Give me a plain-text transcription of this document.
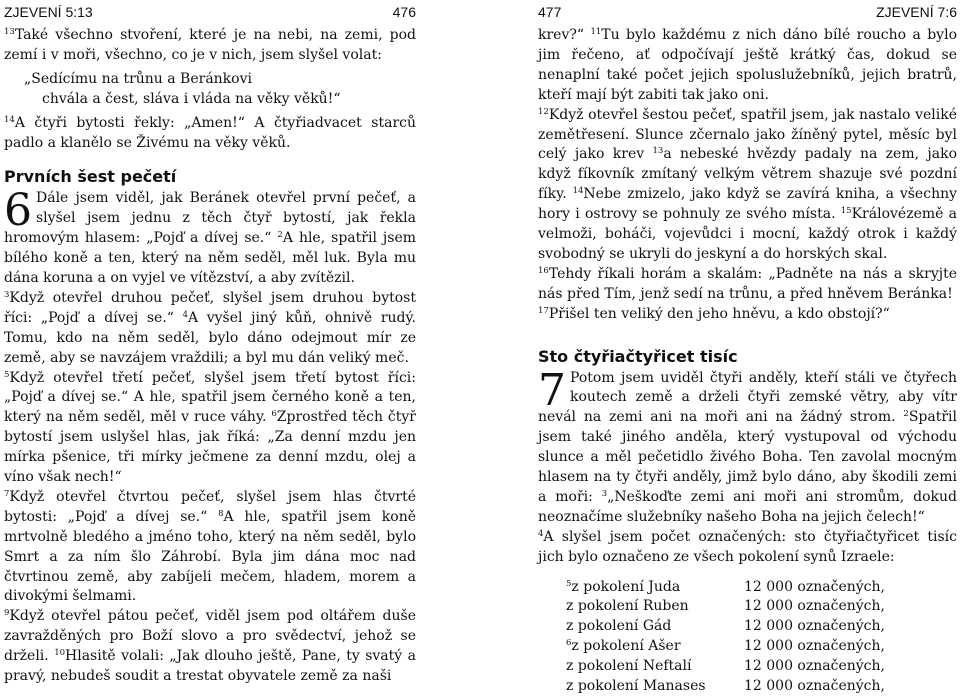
ZJEVENÍ 5:13	476

$^{13}$Také všechno stvoření, které je na nebi, na zemi, pod zemí i v moři, všechno, co je v nich, jsem slyšel volat:

„Sedícímu na trůnu a Beránkovi
chvála a čest, sláva i vláda na věky věků!“

$^{14}$A čtyři bytosti řekly: „Amen!“ A čtyřiadvacet starců padlo a klanělo se Živému na věky věků.

Prvních šest pečetí

6 Dále jsem viděl, jak Beránek otevřel první pečeť, a slyšel jsem jednu z těch čtyř bytostí, jak řekla hromovým hlasem: „Pojď a dívej se.“ $^2$A hle, spatřil jsem bílého koně a ten, který na něm seděl, měl luk. Byla mu dána koruna a on vyjel ve vítězství, a aby zvítězil.

$^3$Když otevřel druhou pečeť, slyšel jsem druhou bytost říci: „Pojď a dívej se.“ $^4$A vyšel jiný kůň, ohnivě rudý. Tomu, kdo na něm seděl, bylo dáno odejmout mír ze země, aby se navzájem vraždili; a byl mu dán veliký meč.

$^5$Když otevřel třetí pečeť, slyšel jsem třetí bytost říci: „Pojď a dívej se.“ A hle, spatřil jsem černého koně a ten, který na něm seděl, měl v ruce váhy. $^6$Zprostřed těch čtyř bytostí jsem uslyšel hlas, jak říká: „Za denní mzdu jen mírka pšenice, tři mírky ječmene za denní mzdu, olej a víno však nech!“

$^7$Když otevřel čtvrtou pečeť, slyšel jsem hlas čtvrté bytosti: „Pojď a dívej se.“ $^8$A hle, spatřil jsem koně mrtvolně bledého a jméno toho, který na něm seděl, bylo Smrt a za ním šlo Záhrobí. Byla jim dána moc nad čtvrtinou země, aby zabíjeli mečem, hladem, morem a divokými šelmami.

$^9$Když otevřel pátou pečeť, viděl jsem pod oltářem duše zavražděných pro Boží slovo a pro svědectví, jehož se drželi. $^{10}$Hlasitě volali: „Jak dlouho ještě, Pane, ty svatý a pravý, nebudeš soudit a trestat obyvatele země za naši

477	ZJEVENÍ 7:6

krev?“ $^{11}$Tu bylo každému z nich dáno bílé roucho a bylo jim řečeno, ať odpočívají ještě krátký čas, dokud se nenaplní také počet jejich spoluslužebníků, jejich bratrů, kteří mají být zabiti tak jako oni.

$^{12}$Když otevřel šestou pečeť, spatřil jsem, jak nastalo veliké zemětřesení. Slunce zčernalo jako žíněný pytel, měsíc byl celý jako krev $^{13}$a nebeské hvězdy padaly na zem, jako když fíkovník zmítaný velkým větrem shazuje své pozdní fíky. $^{14}$Nebe zmizelo, jako když se zavírá kniha, a všechny hory i ostrovy se pohnuly ze svého místa. $^{15}$Královézemě a velmoži, boháči, vojevůdci i mocní, každý otrok i každý svobodný se ukryli do jeskyní a do horských skal.

$^{16}$Tehdy říkali horám a skalám: „Padněte na nás a skryjte nás před Tím, jenž sedí na trůnu, a před hněvem Beránka!

$^{17}$Přišel ten veliký den jeho hněvu, a kdo obstojí?“

Sto čtyřiačtyřicet tisíc

7 Potom jsem uviděl čtyři anděly, kteří stáli ve čtyřech koutech země a drželi čtyři zemské větry, aby vítr nevál na zemi ani na moři ani na žádný strom. $^2$Spatřil jsem také jiného anděla, který vystupoval od východu slunce a měl pečetidlo živého Boha. Ten zavolal mocným hlasem na ty čtyři anděly, jimž bylo dáno, aby škodili zemi a moři: $^3$„Neškoďte zemi ani moři ani stromům, dokud neoznačíme služebníky našeho Boha na jejich čelech!“

$^4$A slyšel jsem počet označených: sto čtyřiačtyřicet tisíc jich bylo označeno ze všech pokolení synů Izraele:

$^5$z pokolení Juda	12 000 označených,
z pokolení Ruben	12 000 označených,
z pokolení Gád	12 000 označených,
$^6$z pokolení Ašer	12 000 označených,
z pokolení Neftalí	12 000 označených,
z pokolení Manases	12 000 označených,
